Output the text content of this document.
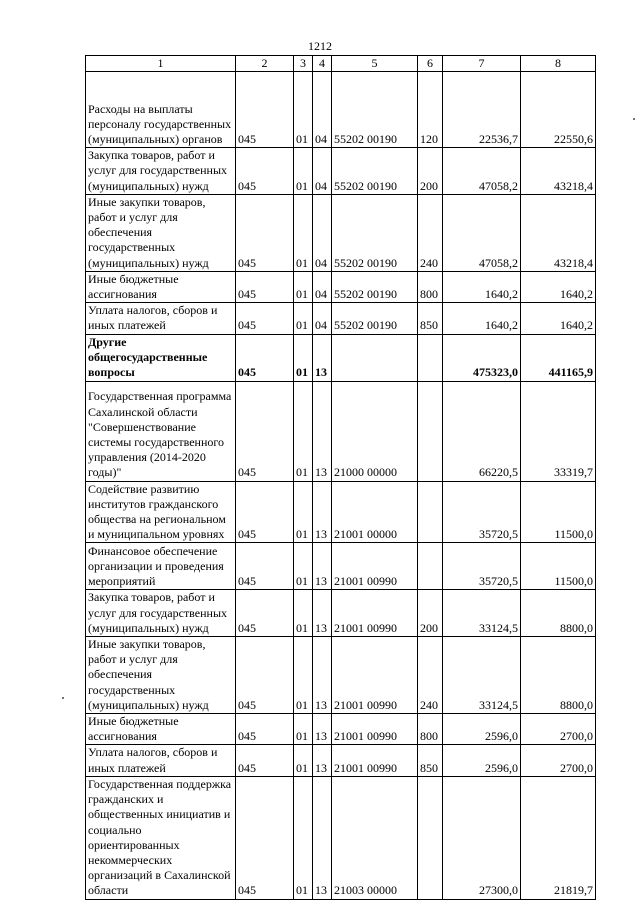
1212
1	2	3	4	5	6	7	8
Расходы на выплаты персоналу государственных (муниципальных) органов	045	01	04	55202 00190	120	22536,7	22550,6
Закупка товаров, работ и услуг для государственных (муниципальных) нужд	045	01	04	55202 00190	200	47058,2	43218,4
Иные закупки товаров, работ и услуг для обеспечения государственных (муниципальных) нужд	045	01	04	55202 00190	240	47058,2	43218,4
Иные бюджетные ассигнования	045	01	04	55202 00190	800	1640,2	1640,2
Уплата налогов, сборов и иных платежей	045	01	04	55202 00190	850	1640,2	1640,2
Другие общегосударственные вопросы	045	01	13			475323,0	441165,9
Государственная программа Сахалинской области "Совершенствование системы государственного управления (2014-2020 годы)"	045	01	13	21000 00000		66220,5	33319,7
Содействие развитию институтов гражданского общества на региональном и муниципальном уровнях	045	01	13	21001 00000		35720,5	11500,0
Финансовое обеспечение организации и проведения мероприятий	045	01	13	21001 00990		35720,5	11500,0
Закупка товаров, работ и услуг для государственных (муниципальных) нужд	045	01	13	21001 00990	200	33124,5	8800,0
Иные закупки товаров, работ и услуг для обеспечения государственных (муниципальных) нужд	045	01	13	21001 00990	240	33124,5	8800,0
Иные бюджетные ассигнования	045	01	13	21001 00990	800	2596,0	2700,0
Уплата налогов, сборов и иных платежей	045	01	13	21001 00990	850	2596,0	2700,0
Государственная поддержка гражданских и общественных инициатив и социально ориентированных некоммерческих организаций в Сахалинской области	045	01	13	21003 00000		27300,0	21819,7
